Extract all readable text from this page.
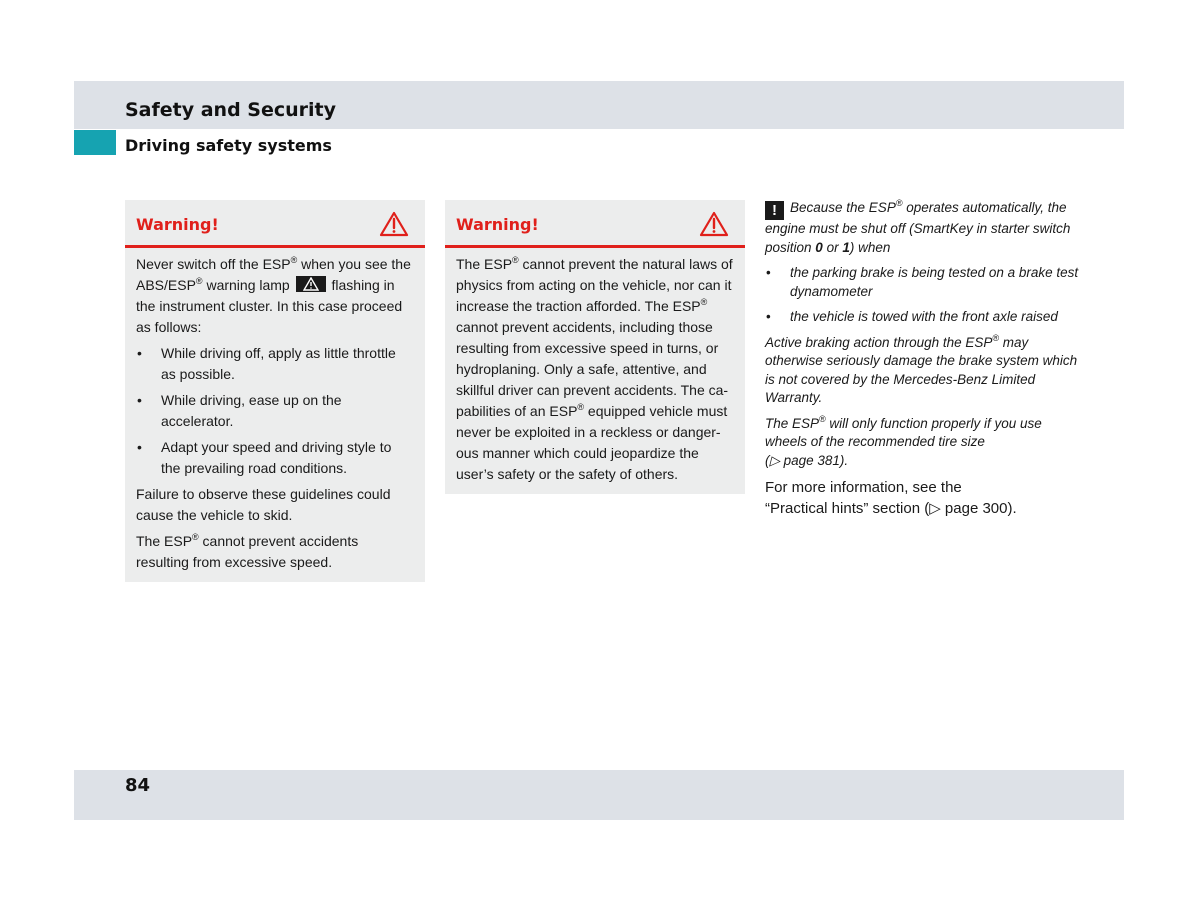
Safety and Security
Driving safety systems
Warning!

Never switch off the ESP® when you see the ABS/ESP® warning lamp
flashing in the instrument cluster. In this case proceed as follows:

• While driving off, apply as little throttle as possible.
• While driving, ease up on the accelerator.
• Adapt your speed and driving style to the prevailing road conditions.

Failure to observe these guidelines could cause the vehicle to skid.

The ESP® cannot prevent accidents resulting from excessive speed.

Warning!

The ESP® cannot prevent the natural laws of physics from acting on the vehicle, nor can it increase the traction afforded. The ESP® cannot prevent accidents, including those resulting from excessive speed in turns, or hydroplaning. Only a safe, attentive, and skillful driver can prevent accidents. The ca-pabilities of an ESP® equipped vehicle must never be exploited in a reckless or danger-ous manner which could jeopardize the user’s safety or the safety of others.

! Because the ESP® operates automatically, the engine must be shut off (SmartKey in starter switch position 0 or 1) when

• the parking brake is being tested on a brake test dynamometer
• the vehicle is towed with the front axle raised

Active braking action through the ESP® may otherwise seriously damage the brake system which is not covered by the Mercedes-Benz Limited Warranty.

The ESP® will only function properly if you use wheels of the recommended tire size
(▷ page 381).

For more information, see the
“Practical hints” section (▷ page 300).

84
